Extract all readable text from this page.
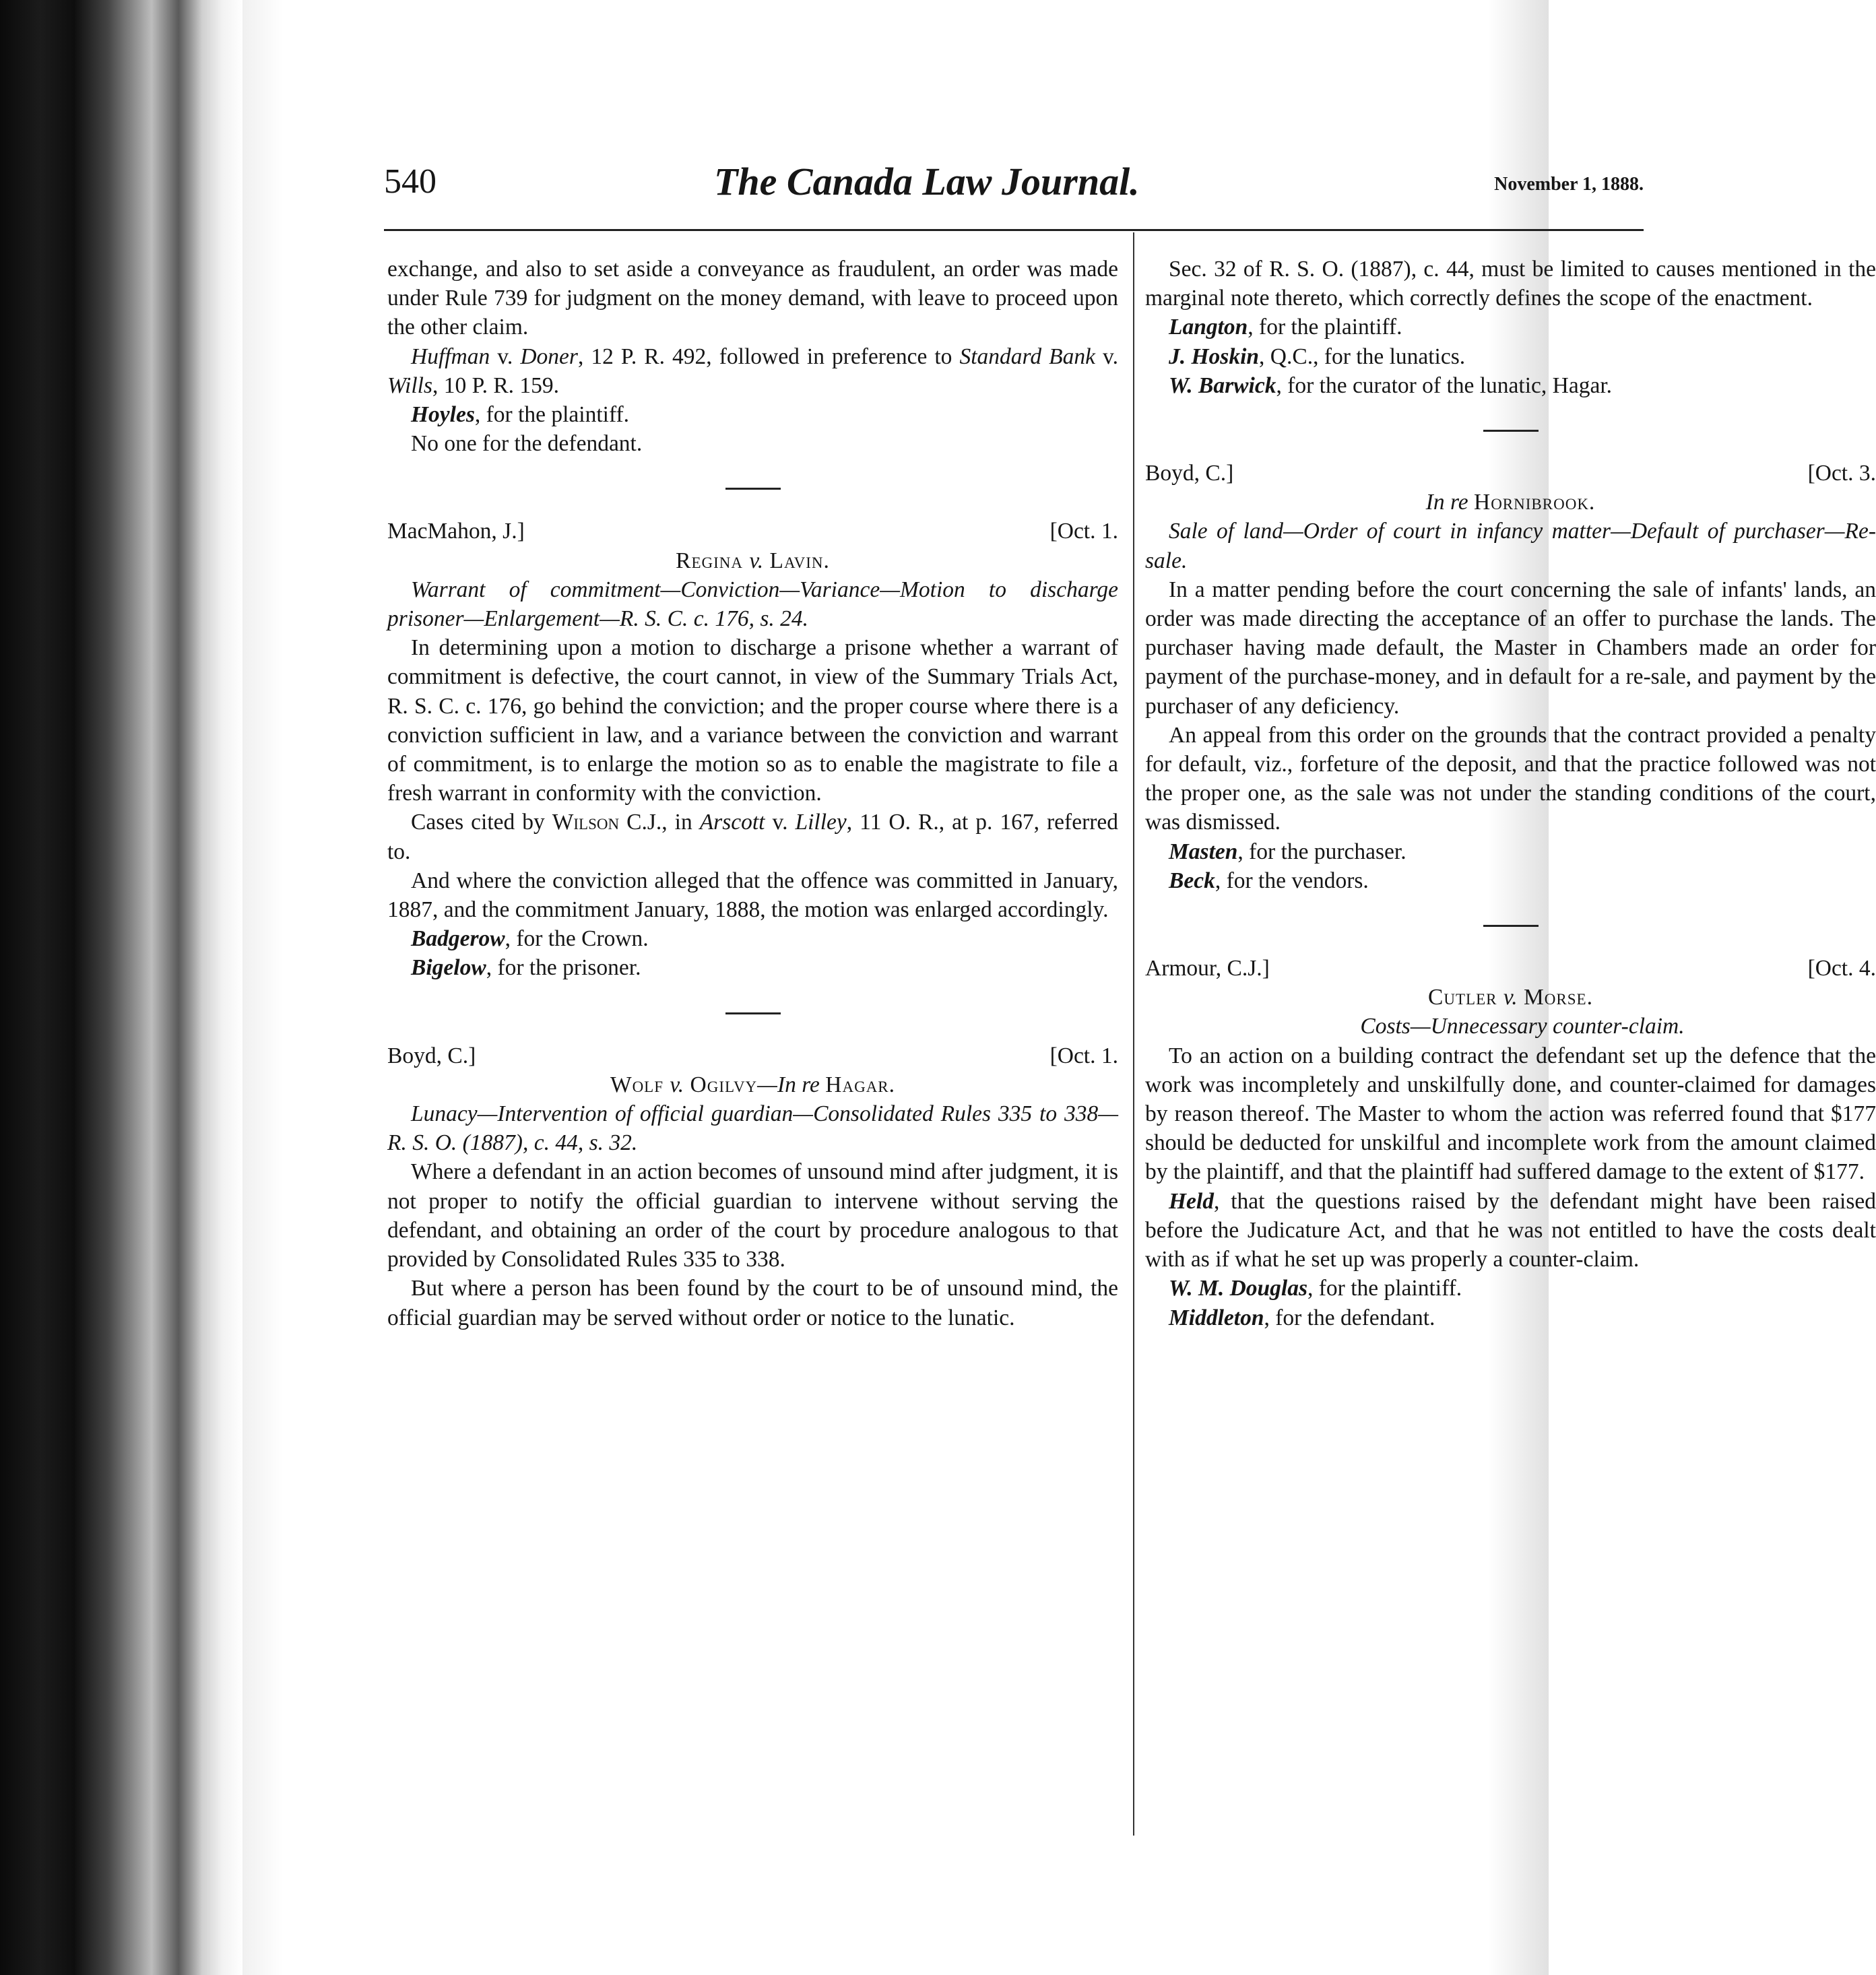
540	The Canada Law Journal.	November 1, 1888.

exchange, and also to set aside a conveyance as fraudulent, an order was made under Rule 739 for judgment on the money demand, with leave to proceed upon the other claim.

Huffman v. Doner, 12 P. R. 492, followed in preference to Standard Bank v. Wills, 10 P. R. 159.

Hoyles, for the plaintiff.

No one for the defendant.

MacMahon, J.]	[Oct. 1.
Regina v. Lavin.

Warrant of commitment—Conviction—Variance—Motion to discharge prisoner—Enlargement—R. S. C. c. 176, s. 24.

In determining upon a motion to discharge a prisone whether a warrant of commitment is defective, the court cannot, in view of the Summary Trials Act, R. S. C. c. 176, go behind the conviction; and the proper course where there is a conviction sufficient in law, and a variance between the conviction and warrant of commitment, is to enlarge the motion so as to enable the magistrate to file a fresh warrant in conformity with the conviction.

Cases cited by Wilson C.J., in Arscott v. Lilley, 11 O. R., at p. 167, referred to.

And where the conviction alleged that the offence was committed in January, 1887, and the commitment January, 1888, the motion was enlarged accordingly.

Badgerow, for the Crown.

Bigelow, for the prisoner.

Boyd, C.]	[Oct. 1.
Wolf v. Ogilvy—In re Hagar.

Lunacy—Intervention of official guardian—Consolidated Rules 335 to 338—R. S. O. (1887), c. 44, s. 32.

Where a defendant in an action becomes of unsound mind after judgment, it is not proper to notify the official guardian to intervene without serving the defendant, and obtaining an order of the court by procedure analogous to that provided by Consolidated Rules 335 to 338.

But where a person has been found by the court to be of unsound mind, the official guardian may be served without order or notice to the lunatic.

Sec. 32 of R. S. O. (1887), c. 44, must be limited to causes mentioned in the marginal note thereto, which correctly defines the scope of the enactment.

Langton, for the plaintiff.

J. Hoskin, Q.C., for the lunatics.

W. Barwick, for the curator of the lunatic, Hagar.

Boyd, C.]	[Oct. 3.
In re Hornibrook.

Sale of land—Order of court in infancy matter—Default of purchaser—Re-sale.

In a matter pending before the court concerning the sale of infants' lands, an order was made directing the acceptance of an offer to purchase the lands. The purchaser having made default, the Master in Chambers made an order for payment of the purchase-money, and in default for a re-sale, and payment by the purchaser of any deficiency.

An appeal from this order on the grounds that the contract provided a penalty for default, viz., forfeture of the deposit, and that the practice followed was not the proper one, as the sale was not under the standing conditions of the court, was dismissed.

Masten, for the purchaser.

Beck, for the vendors.

Armour, C.J.]	[Oct. 4.
Cutler v. Morse.

Costs—Unnecessary counter-claim.

To an action on a building contract the defendant set up the defence that the work was incompletely and unskilfully done, and counter-claimed for damages by reason thereof. The Master to whom the action was referred found that $177 should be deducted for unskilful and incomplete work from the amount claimed by the plaintiff, and that the plaintiff had suffered damage to the extent of $177.

Held, that the questions raised by the defendant might have been raised before the Judicature Act, and that he was not entitled to have the costs dealt with as if what he set up was properly a counter-claim.

W. M. Douglas, for the plaintiff.

Middleton, for the defendant.
